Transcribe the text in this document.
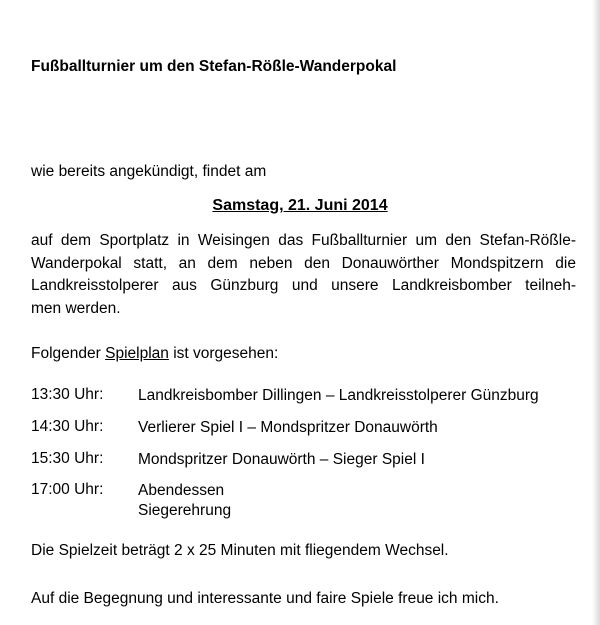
Fußballturnier um den Stefan-Rößle-Wanderpokal
wie bereits angekündigt, findet am
Samstag, 21. Juni 2014
auf dem Sportplatz in Weisingen das Fußballturnier um den Stefan-Rößle-
Wanderpokal statt, an dem neben den Donauwörther Mondspitzern die
Landkreisstolperer aus Günzburg und unsere Landkreisbomber teilneh-
men werden.
Folgender Spielplan ist vorgesehen:
13:30 Uhr: Landkreisbomber Dillingen – Landkreisstolperer Günzburg
14:30 Uhr: Verlierer Spiel I – Mondspritzer Donauwörth
15:30 Uhr: Mondspritzer Donauwörth – Sieger Spiel I
17:00 Uhr: Abendessen
Siegerehrung
Die Spielzeit beträgt 2 x 25 Minuten mit fliegendem Wechsel.
Auf die Begegnung und interessante und faire Spiele freue ich mich.
